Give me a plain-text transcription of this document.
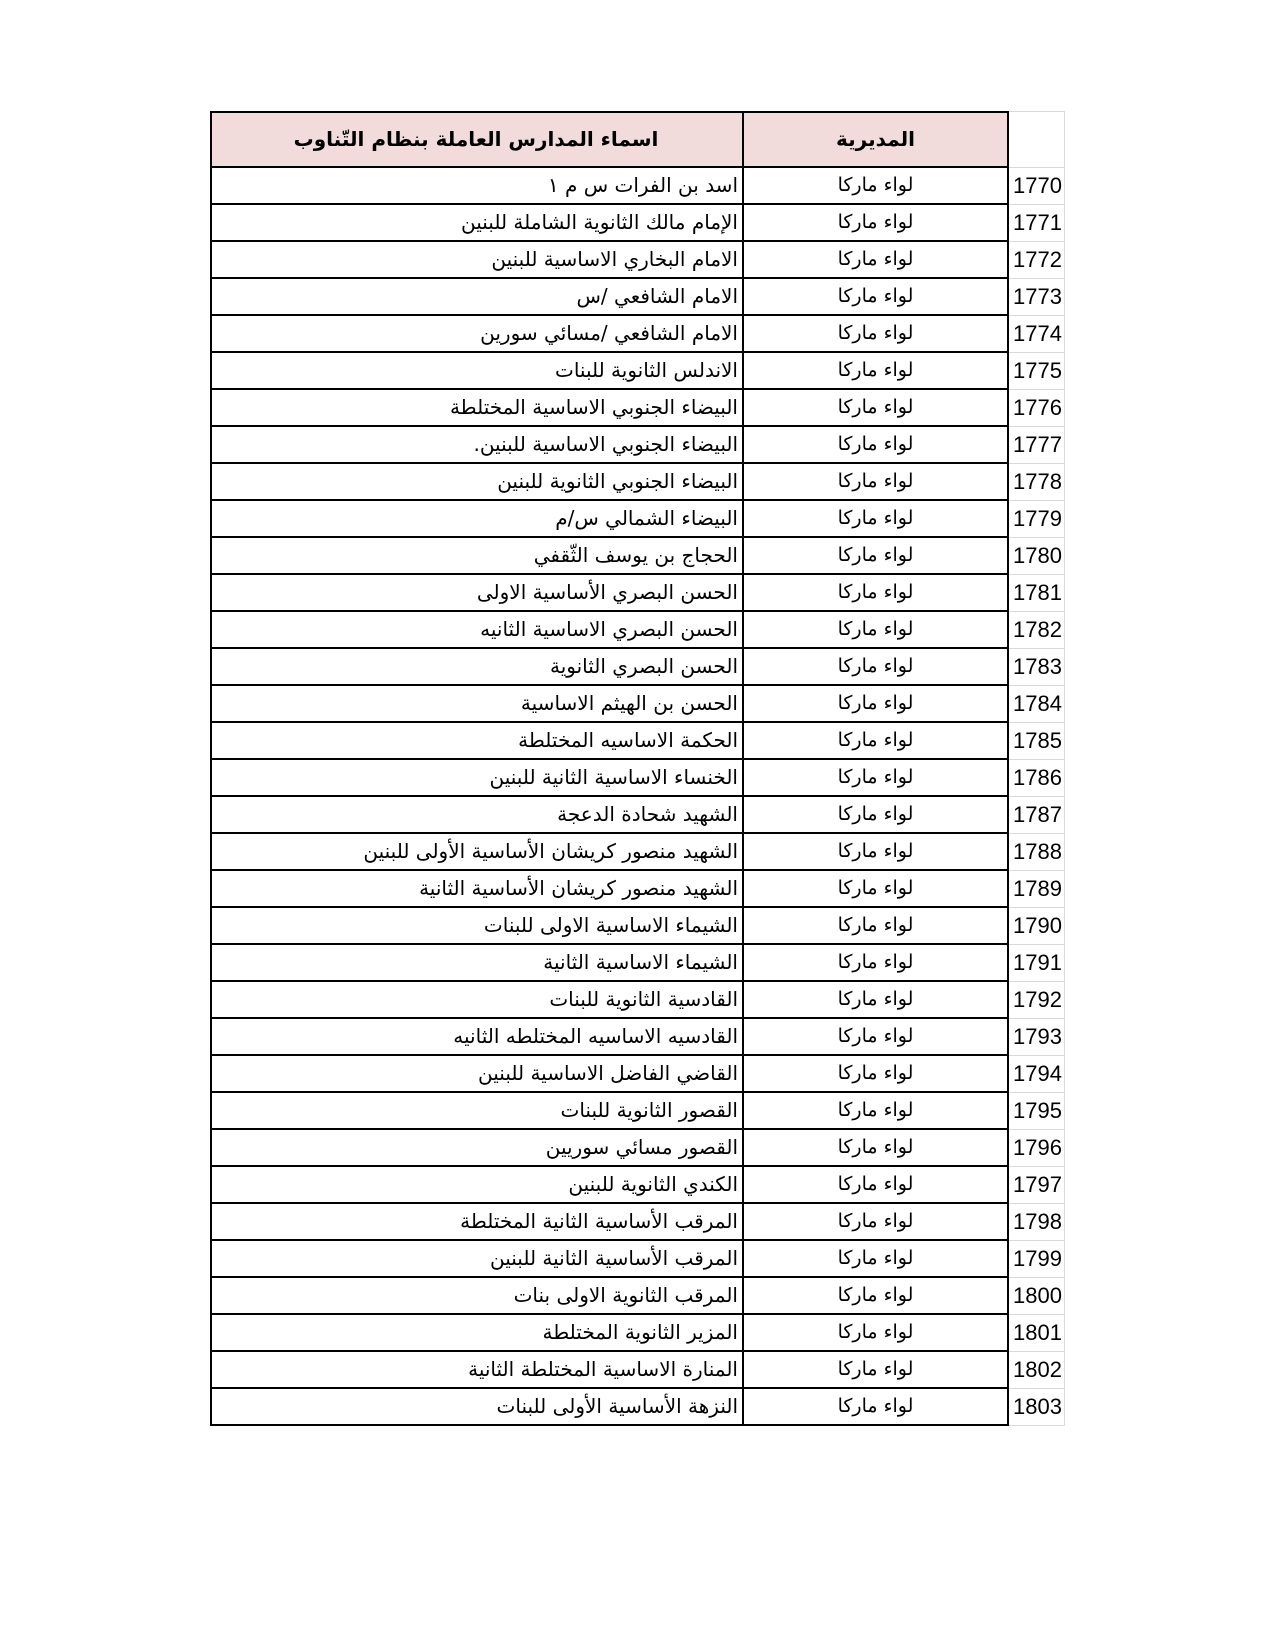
اسماء المدارس العاملة بنظام التّناوب	المديرية
اسد بن الفرات س م ١	لواء ماركا	1770
الإمام مالك الثانوية الشاملة للبنين	لواء ماركا	1771
الامام البخاري الاساسية للبنين	لواء ماركا	1772
الامام الشافعي /س	لواء ماركا	1773
الامام الشافعي /مسائي سورين	لواء ماركا	1774
الاندلس الثانوية للبنات	لواء ماركا	1775
البيضاء الجنوبي الاساسية المختلطة	لواء ماركا	1776
البيضاء الجنوبي الاساسية للبنين.	لواء ماركا	1777
البيضاء الجنوبي الثانوية للبنين	لواء ماركا	1778
البيضاء الشمالي س/م	لواء ماركا	1779
الحجاج بن يوسف الثّقفي	لواء ماركا	1780
الحسن البصري الأساسية الاولى	لواء ماركا	1781
الحسن البصري الاساسية الثانيه	لواء ماركا	1782
الحسن البصري الثانوية	لواء ماركا	1783
الحسن بن الهيثم الاساسية	لواء ماركا	1784
الحكمة الاساسيه المختلطة	لواء ماركا	1785
الخنساء الاساسية الثانية للبنين	لواء ماركا	1786
الشهيد شحادة الدعجة	لواء ماركا	1787
الشهيد منصور كريشان الأساسية الأولى للبنين	لواء ماركا	1788
الشهيد منصور كريشان الأساسية الثانية	لواء ماركا	1789
الشيماء الاساسية الاولى للبنات	لواء ماركا	1790
الشيماء الاساسية الثانية	لواء ماركا	1791
القادسية الثانوية للبنات	لواء ماركا	1792
القادسيه الاساسيه المختلطه الثانيه	لواء ماركا	1793
القاضي الفاضل الاساسية للبنين	لواء ماركا	1794
القصور الثانوية للبنات	لواء ماركا	1795
القصور مسائي سوريين	لواء ماركا	1796
الكندي الثانوية للبنين	لواء ماركا	1797
المرقب الأساسية الثانية المختلطة	لواء ماركا	1798
المرقب الأساسية الثانية للبنين	لواء ماركا	1799
المرقب الثانوية الاولى بنات	لواء ماركا	1800
المزير الثانوية المختلطة	لواء ماركا	1801
المنارة الاساسية المختلطة الثانية	لواء ماركا	1802
النزهة الأساسية الأولى للبنات	لواء ماركا	1803
